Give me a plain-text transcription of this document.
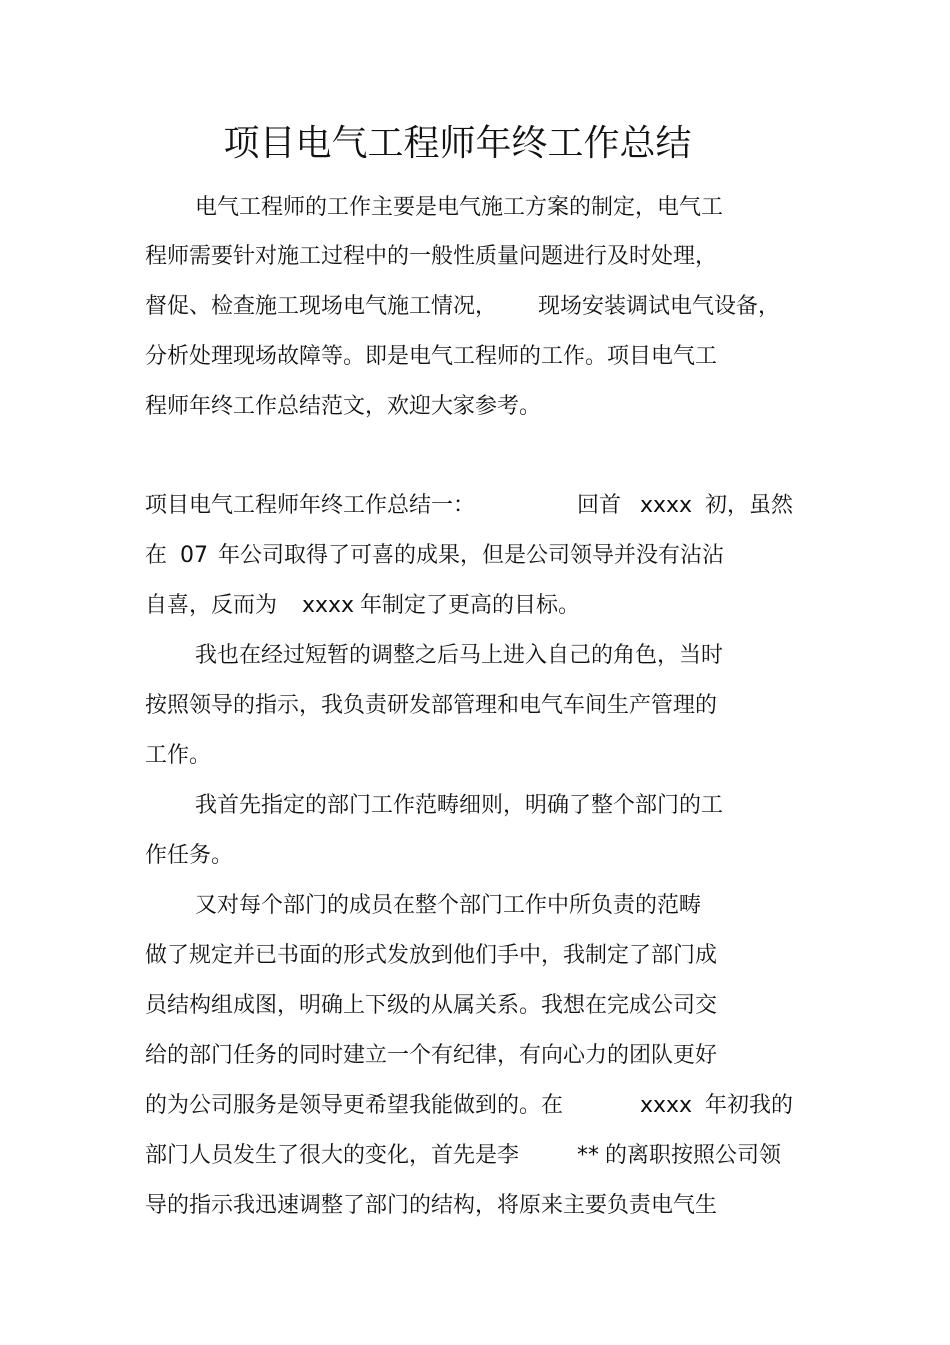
项目电气工程师年终工作总结
电气工程师的工作主要是电气施工方案的制定，电气工
程师需要针对施工过程中的一般性质量问题进行及时处理，
督促、检查施工现场电气施工情况， 现场安装调试电气设备，
分析处理现场故障等。即是电气工程师的工作。项目电气工
程师年终工作总结范文，欢迎大家参考。
项目电气工程师年终工作总结一：	回首 xxxx 初，虽然
在 07 年公司取得了可喜的成果，但是公司领导并没有沾沾
自喜，反而为 xxxx 年制定了更高的目标。
我也在经过短暂的调整之后马上进入自己的角色，当时
按照领导的指示，我负责研发部管理和电气车间生产管理的
工作。
我首先指定的部门工作范畴细则，明确了整个部门的工
作任务。
又对每个部门的成员在整个部门工作中所负责的范畴
做了规定并已书面的形式发放到他们手中，我制定了部门成
员结构组成图，明确上下级的从属关系。我想在完成公司交
给的部门任务的同时建立一个有纪律，有向心力的团队更好
的为公司服务是领导更希望我能做到的。在	xxxx 年初我的
部门人员发生了很大的变化，首先是李	** 的离职按照公司领
导的指示我迅速调整了部门的结构，将原来主要负责电气生
